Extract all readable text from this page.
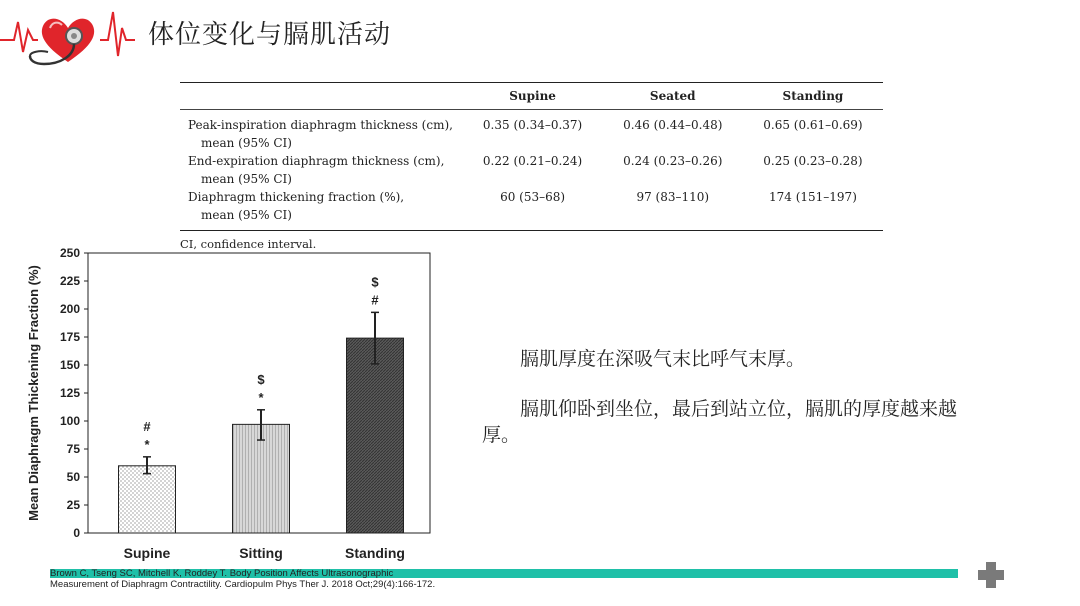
体位变化与膈肌活动
Supine	Seated	Standing
Peak-inspiration diaphragm thickness (cm),
mean (95% CI)
0.35 (0.34–0.37)	0.46 (0.44–0.48)	0.65 (0.61–0.69)
End-expiration diaphragm thickness (cm),
mean (95% CI)
0.22 (0.21–0.24)	0.24 (0.23–0.26)	0.25 (0.23–0.28)
Diaphragm thickening fraction (%),
mean (95% CI)
60 (53–68)	97 (83–110)	174 (151–197)
CI, confidence interval.
Mean Diaphragm Thickening Fraction (%)
0
25
50
75
100
125
150
175
200
225
250
#
*
Supine
$
*
Sitting
$
#
Standing

膈肌厚度在深吸气末比呼气末厚。

膈肌仰卧到坐位，最后到站立位，膈肌的厚度越来越厚。

Brown C, Tseng SC, Mitchell K, Roddey T. Body Position Affects Ultrasonographic
Measurement of Diaphragm Contractility. Cardiopulm Phys Ther J. 2018 Oct;29(4):166-172.
